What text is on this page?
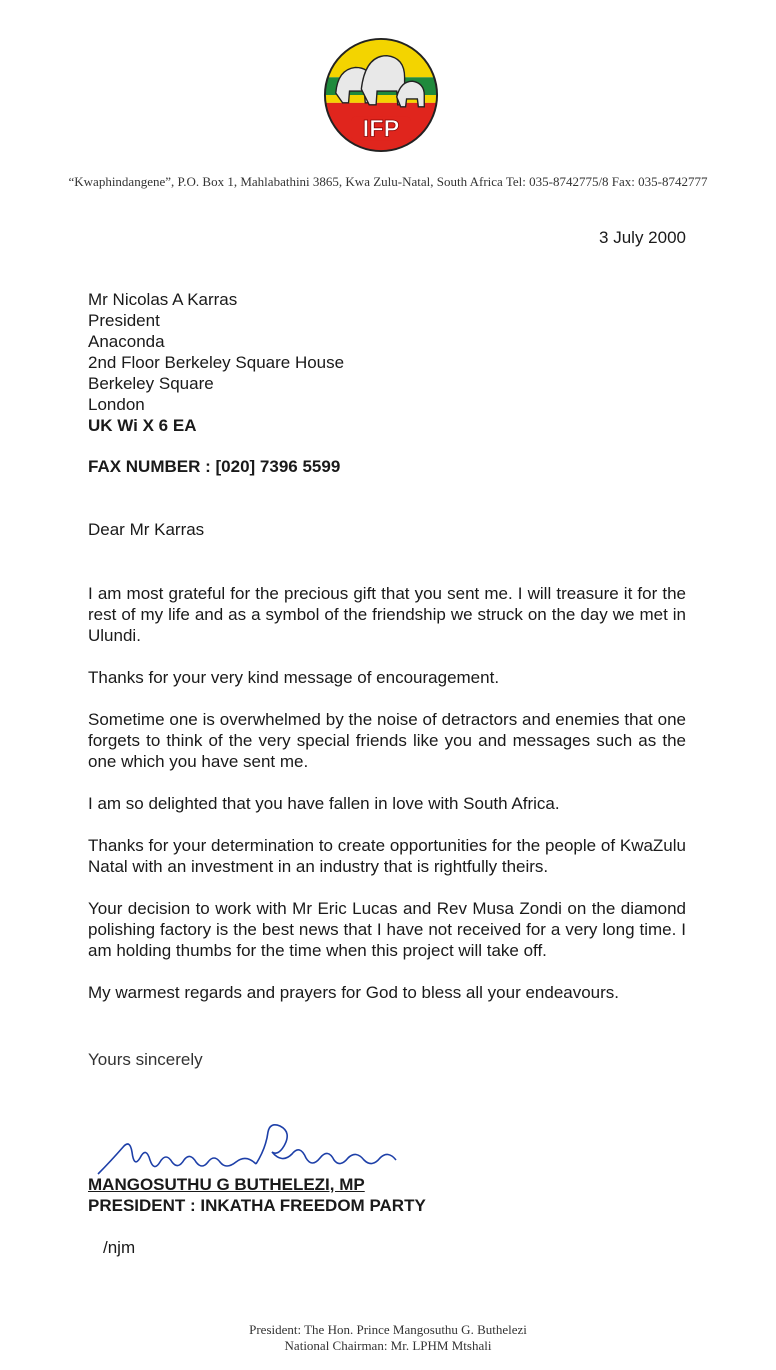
IFP
“Kwaphindangene”, P.O. Box 1, Mahlabathini 3865, Kwa Zulu-Natal, South Africa Tel: 035-8742775/8 Fax: 035-8742777
3 July 2000
Mr Nicolas A Karras
President
Anaconda
2nd Floor Berkeley Square House
Berkeley Square
London
UK Wi X 6 EA
FAX NUMBER : [020] 7396 5599
Dear Mr Karras

I am most grateful for the precious gift that you sent me. I will treasure it for the rest of my life and as a symbol of the friendship we struck on the day we met in Ulundi.

Thanks for your very kind message of encouragement.

Sometime one is overwhelmed by the noise of detractors and enemies that one forgets to think of the very special friends like you and messages such as the one which you have sent me.

I am so delighted that you have fallen in love with South Africa.

Thanks for your determination to create opportunities for the people of KwaZulu Natal with an investment in an industry that is rightfully theirs.

Your decision to work with Mr Eric Lucas and Rev Musa Zondi on the diamond polishing factory is the best news that I have not received for a very long time. I am holding thumbs for the time when this project will take off.

My warmest regards and prayers for God to bless all your endeavours.

Yours sincerely
MANGOSUTHU G BUTHELEZI, MP
PRESIDENT : INKATHA FREEDOM PARTY
/njm
President: The Hon. Prince Mangosuthu G. Buthelezi
National Chairman: Mr. LPHM Mtshali
